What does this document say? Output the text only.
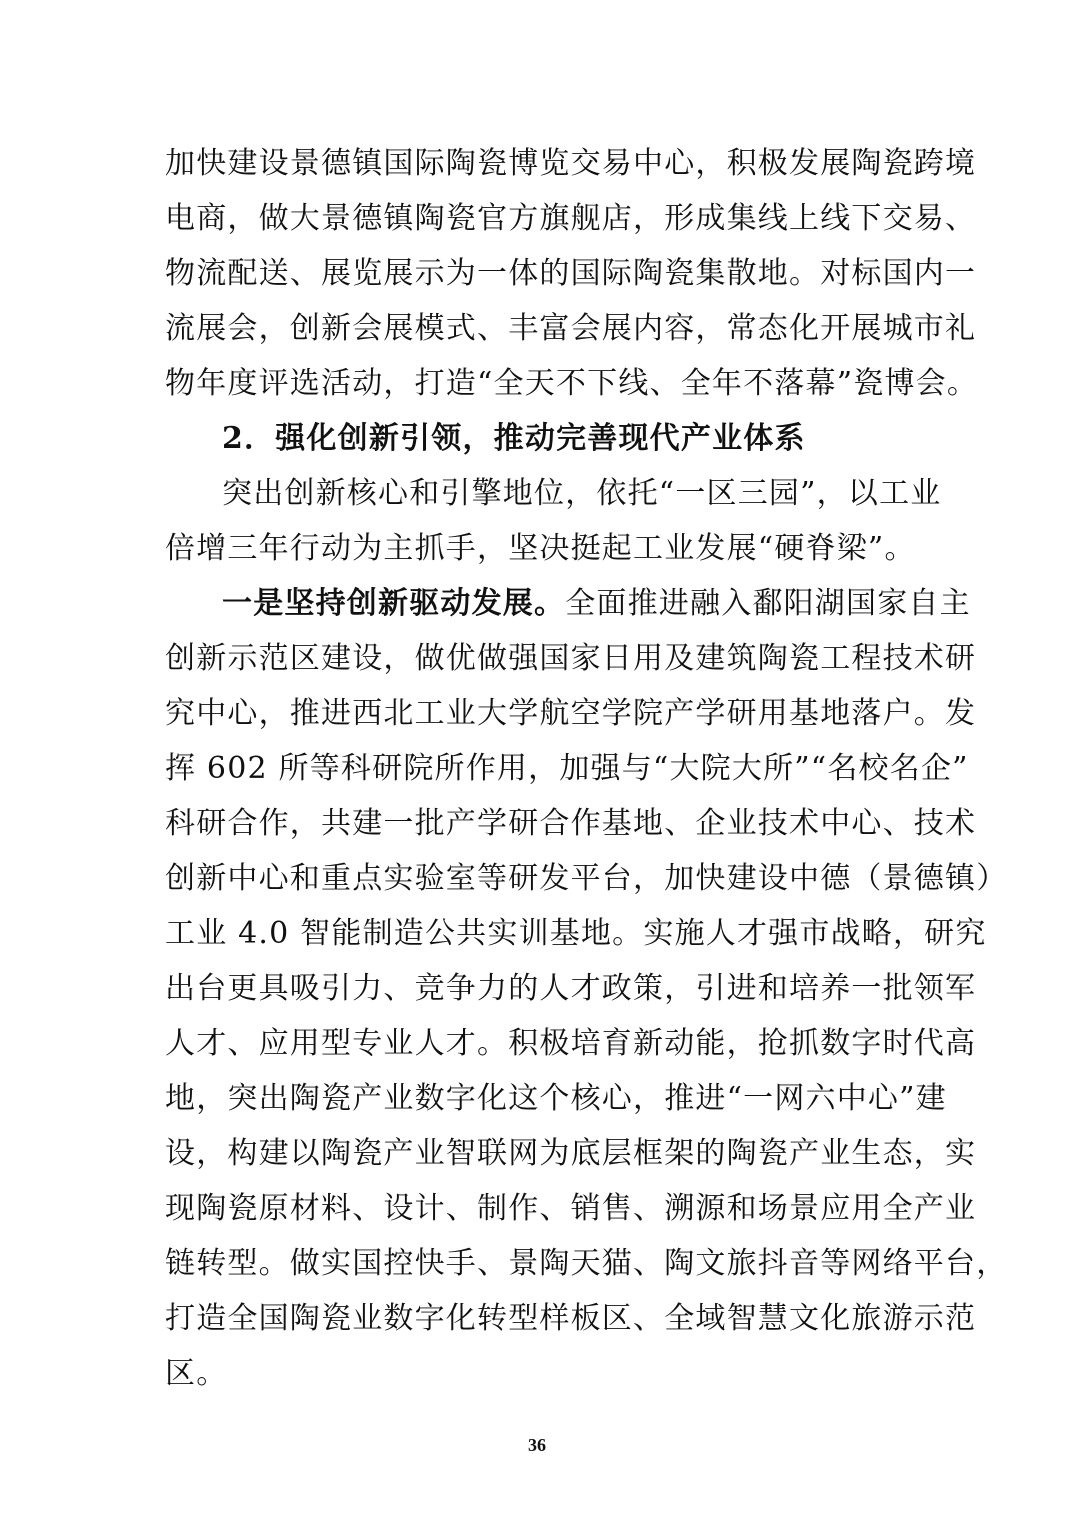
加快建设景德镇国际陶瓷博览交易中心，积极发展陶瓷跨境
电商，做大景德镇陶瓷官方旗舰店，形成集线上线下交易、
物流配送、展览展示为一体的国际陶瓷集散地。对标国内一
流展会，创新会展模式、丰富会展内容，常态化开展城市礼
物年度评选活动，打造“全天不下线、全年不落幕”瓷博会。
2．强化创新引领，推动完善现代产业体系
突出创新核心和引擎地位，依托“一区三园”，以工业
倍增三年行动为主抓手，坚决挺起工业发展“硬脊梁”。
一是坚持创新驱动发展。全面推进融入鄱阳湖国家自主
创新示范区建设，做优做强国家日用及建筑陶瓷工程技术研
究中心，推进西北工业大学航空学院产学研用基地落户。发
挥 602 所等科研院所作用，加强与“大院大所”“名校名企”
科研合作，共建一批产学研合作基地、企业技术中心、技术
创新中心和重点实验室等研发平台，加快建设中德（景德镇）
工业 4.0 智能制造公共实训基地。实施人才强市战略，研究
出台更具吸引力、竞争力的人才政策，引进和培养一批领军
人才、应用型专业人才。积极培育新动能，抢抓数字时代高
地，突出陶瓷产业数字化这个核心，推进“一网六中心”建
设，构建以陶瓷产业智联网为底层框架的陶瓷产业生态，实
现陶瓷原材料、设计、制作、销售、溯源和场景应用全产业
链转型。做实国控快手、景陶天猫、陶文旅抖音等网络平台，
打造全国陶瓷业数字化转型样板区、全域智慧文化旅游示范
区。
36
